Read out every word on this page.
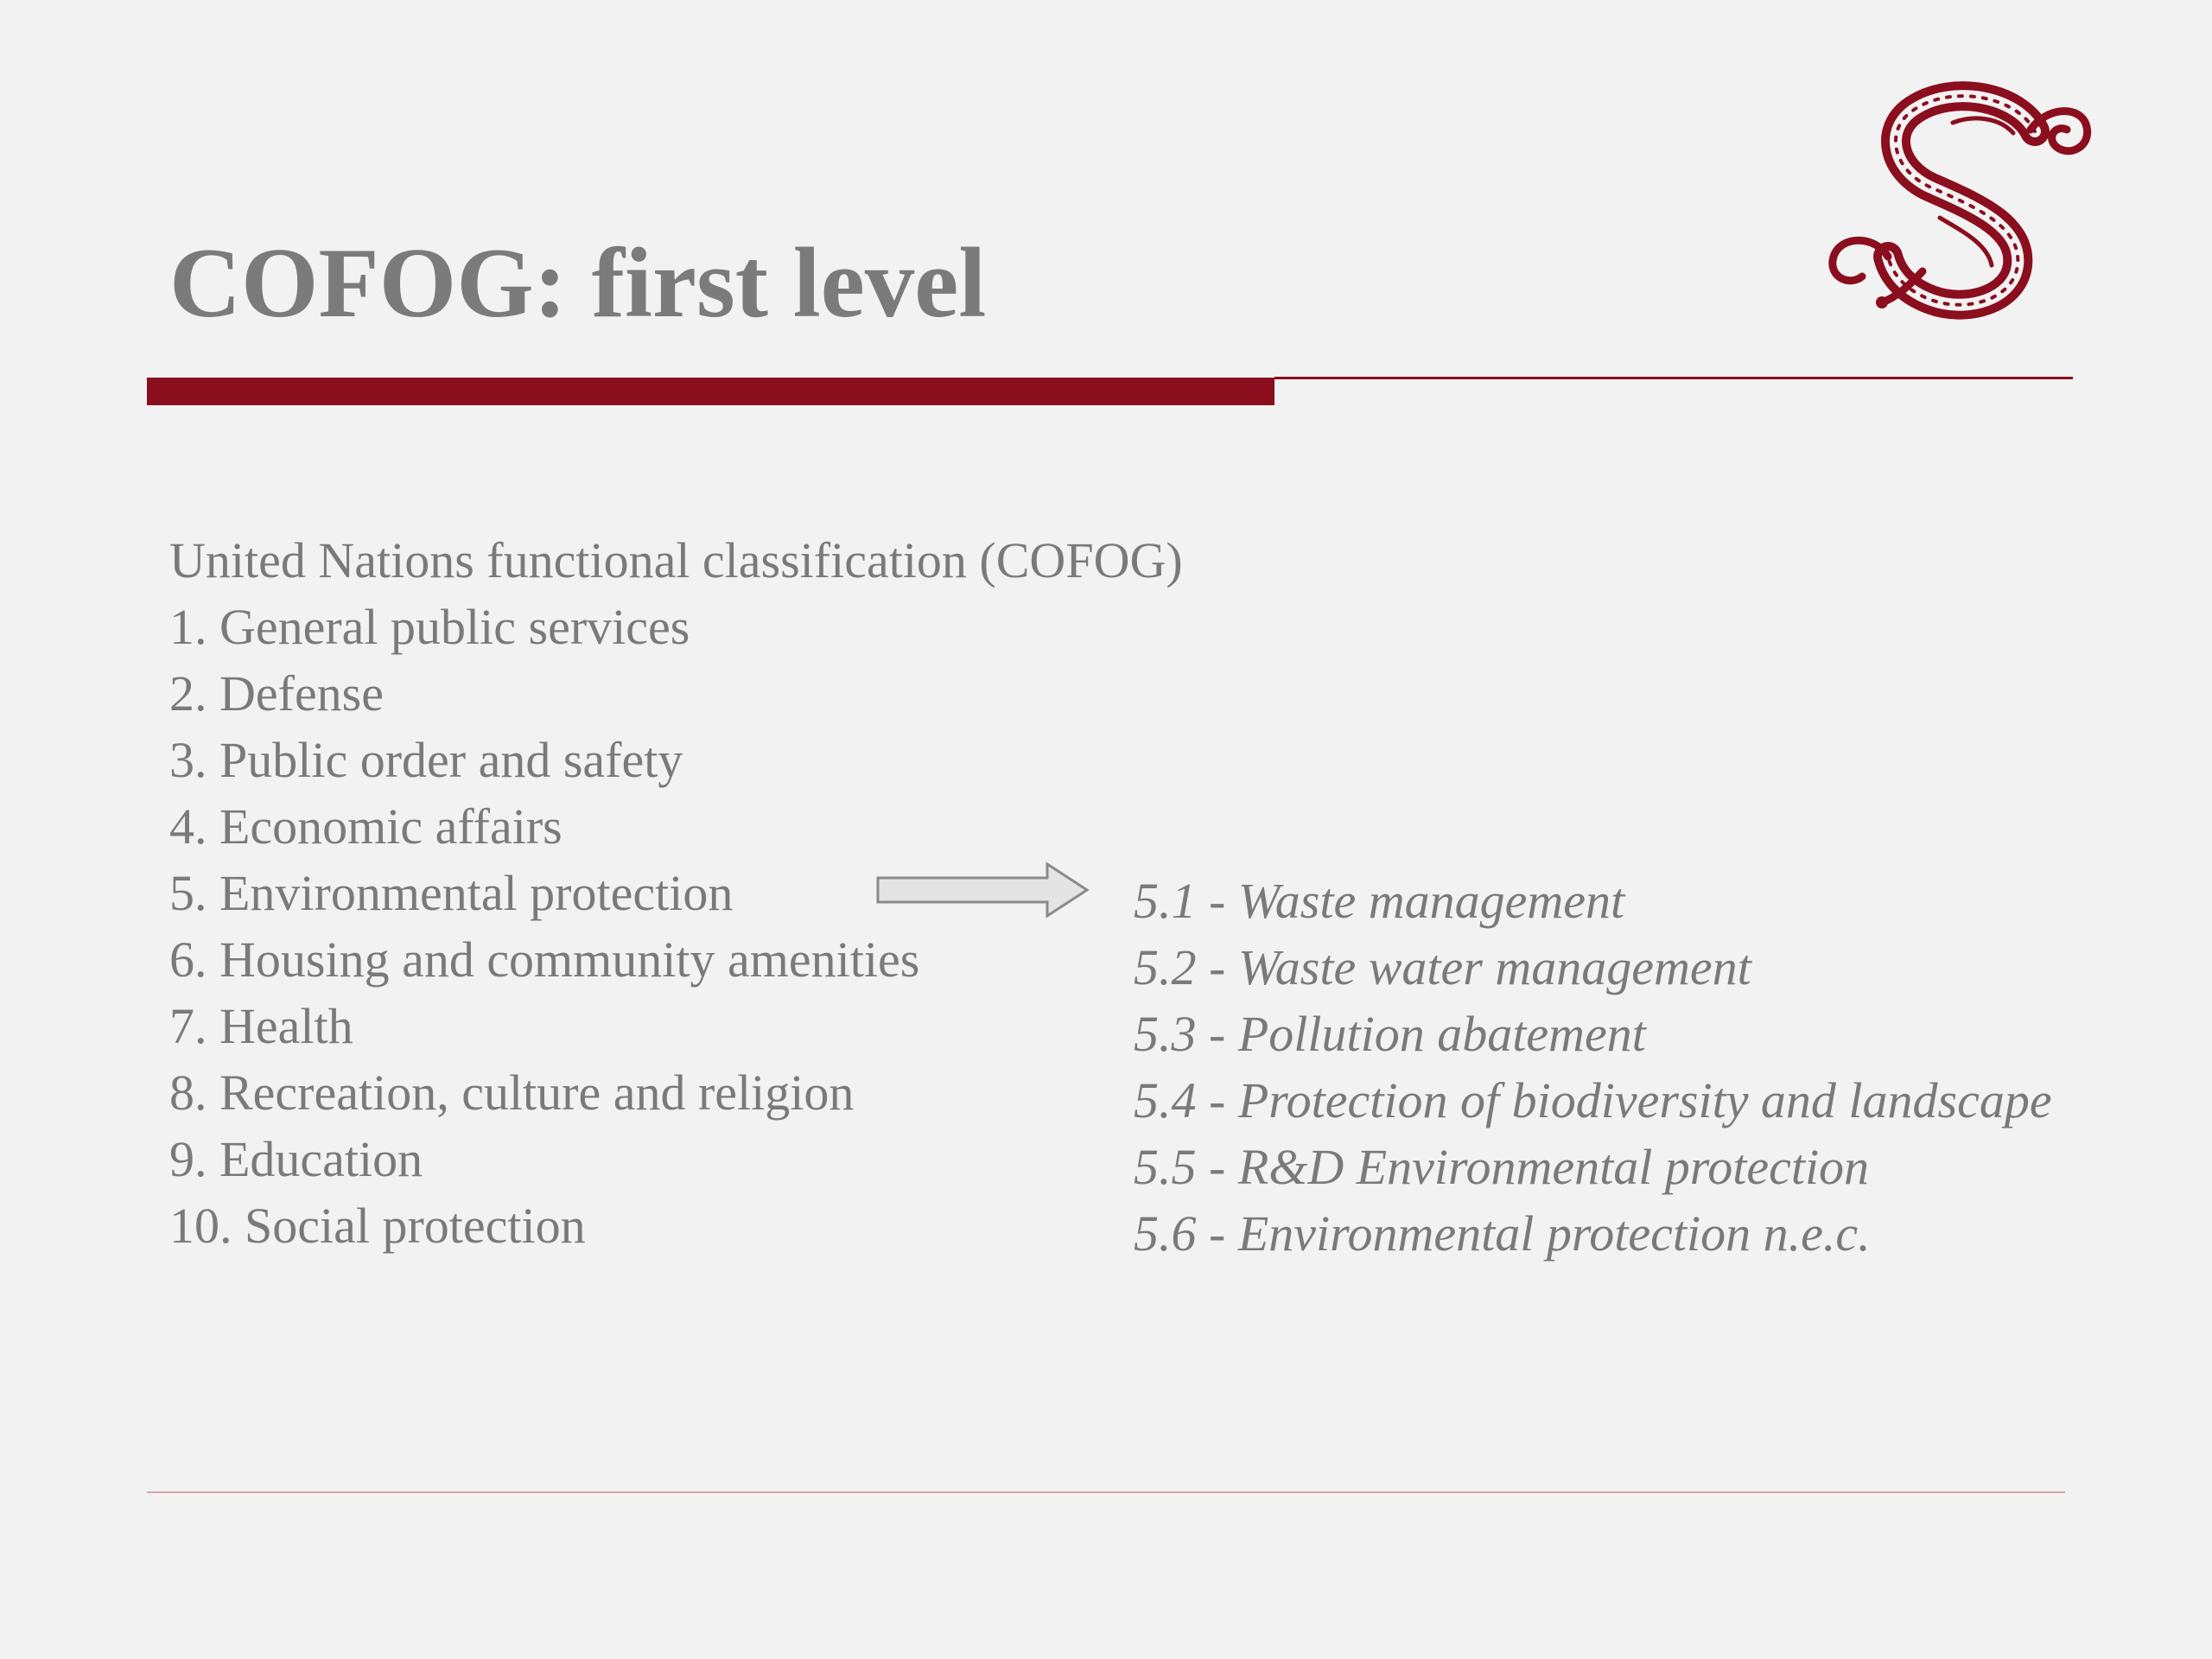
COFOG: first level
United Nations functional classification (COFOG)
1. General public services
2. Defense
3. Public order and safety
4. Economic affairs
5. Environmental protection
6. Housing and community amenities
7. Health
8. Recreation, culture and religion
9. Education
10. Social protection
5.1 - Waste management
5.2 - Waste water management
5.3 - Pollution abatement
5.4 - Protection of biodiversity and landscape
5.5 - R&D Environmental protection
5.6 - Environmental protection n.e.c.
